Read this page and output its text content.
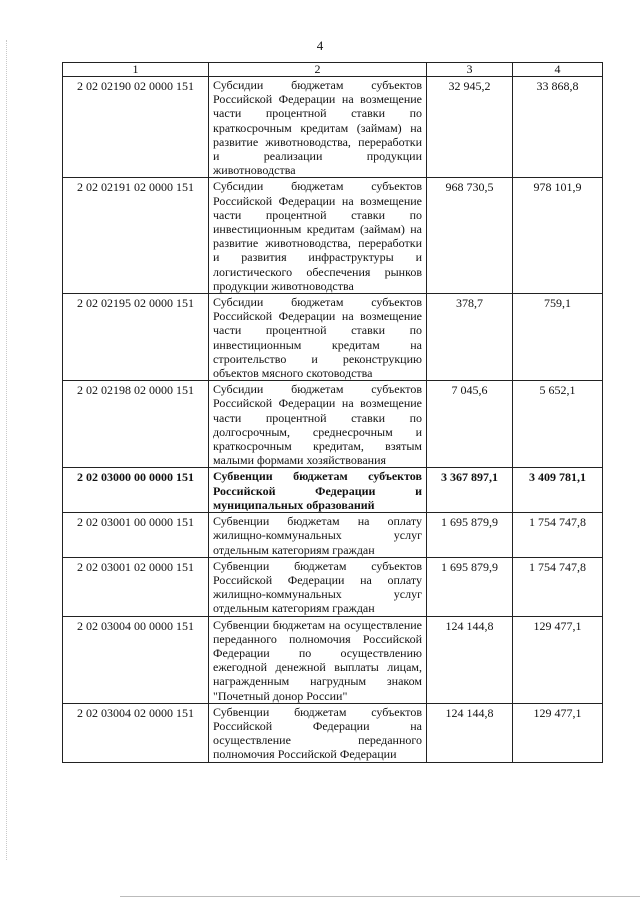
4
1	2	3	4
2 02 02190 02 0000 151	Субсидии бюджетам субъектов Российской Федерации на возмещение части процентной ставки по краткосрочным кредитам (займам) на развитие животноводства, переработки и реализации продукции животноводства	32 945,2	33 868,8
2 02 02191 02 0000 151	Субсидии бюджетам субъектов Российской Федерации на возмещение части процентной ставки по инвестиционным кредитам (займам) на развитие животноводства, переработки и развития инфраструктуры и логистического обеспечения рынков продукции животноводства	968 730,5	978 101,9
2 02 02195 02 0000 151	Субсидии бюджетам субъектов Российской Федерации на возмещение части процентной ставки по инвестиционным кредитам на строительство и реконструкцию объектов мясного скотоводства	378,7	759,1
2 02 02198 02 0000 151	Субсидии бюджетам субъектов Российской Федерации на возмещение части процентной ставки по долгосрочным, среднесрочным и краткосрочным кредитам, взятым малыми формами хозяйствования	7 045,6	5 652,1
2 02 03000 00 0000 151	Субвенции бюджетам субъектов Российской Федерации и муниципальных образований	3 367 897,1	3 409 781,1
2 02 03001 00 0000 151	Субвенции бюджетам на оплату жилищно-коммунальных услуг отдельным категориям граждан	1 695 879,9	1 754 747,8
2 02 03001 02 0000 151	Субвенции бюджетам субъектов Российской Федерации на оплату жилищно-коммунальных услуг отдельным категориям граждан	1 695 879,9	1 754 747,8
2 02 03004 00 0000 151	Субвенции бюджетам на осуществление переданного полномочия Российской Федерации по осуществлению ежегодной денежной выплаты лицам, награжденным нагрудным знаком "Почетный донор России"	124 144,8	129 477,1
2 02 03004 02 0000 151	Субвенции бюджетам субъектов Российской Федерации на осуществление переданного полномочия Российской Федерации	124 144,8	129 477,1
